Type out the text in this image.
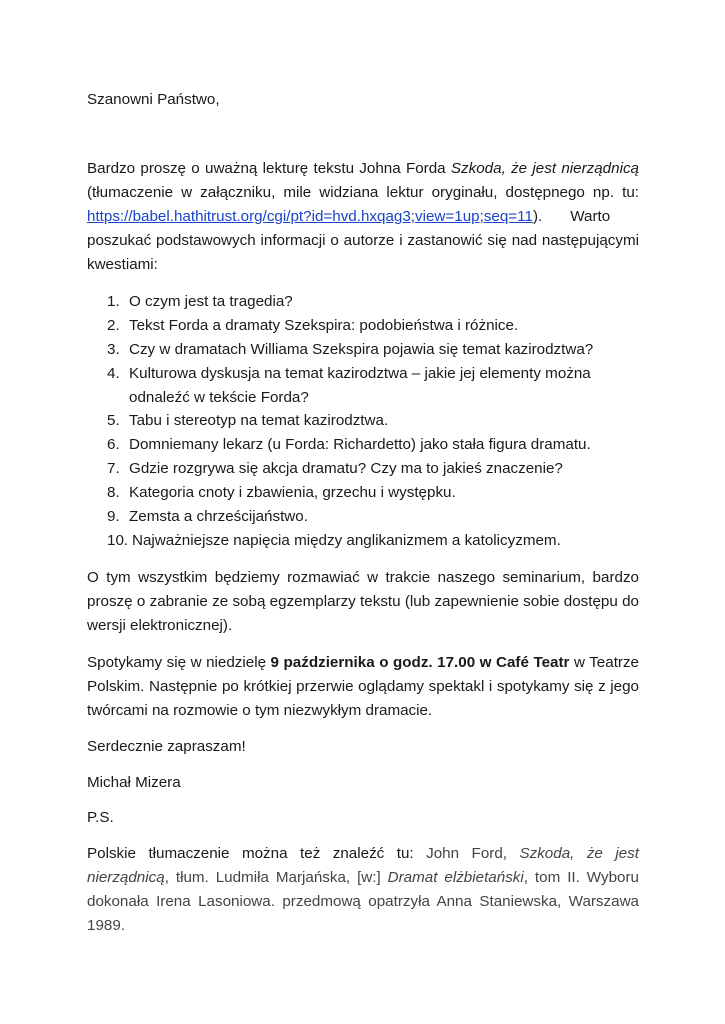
Szanowni Państwo,

Bardzo proszę o uważną lekturę tekstu Johna Forda Szkoda, że jest nierządnicą (tłumaczenie w załączniku, mile widziana lektur oryginału, dostępnego np. tu: https://babel.hathitrust.org/cgi/pt?id=hvd.hxqag3;view=1up;seq=11). Warto poszukać podstawowych informacji o autorze i zastanowić się nad następującymi kwestiami:

1. O czym jest ta tragedia?
2. Tekst Forda a dramaty Szekspira: podobieństwa i różnice.
3. Czy w dramatach Williama Szekspira pojawia się temat kazirodztwa?
4. Kulturowa dyskusja na temat kazirodztwa – jakie jej elementy można odnaleźć w tekście Forda?
5. Tabu i stereotyp na temat kazirodztwa.
6. Domniemany lekarz (u Forda: Richardetto) jako stała figura dramatu.
7. Gdzie rozgrywa się akcja dramatu? Czy ma to jakieś znaczenie?
8. Kategoria cnoty i zbawienia, grzechu i występku.
9. Zemsta a chrześcijaństwo.
10. Najważniejsze napięcia między anglikanizmem a katolicyzmem.

O tym wszystkim będziemy rozmawiać w trakcie naszego seminarium, bardzo proszę o zabranie ze sobą egzemplarzy tekstu (lub zapewnienie sobie dostępu do wersji elektronicznej).

Spotykamy się w niedzielę 9 października o godz. 17.00 w Café Teatr w Teatrze Polskim. Następnie po krótkiej przerwie oglądamy spektakl i spotykamy się z jego twórcami na rozmowie o tym niezwykłym dramacie.

Serdecznie zapraszam!

Michał Mizera

P.S.

Polskie tłumaczenie można też znaleźć tu: John Ford, Szkoda, że jest nierządnicą, tłum. Ludmiła Marjańska, [w:] Dramat elżbietański, tom II. Wyboru dokonała Irena Lasoniowa. przedmową opatrzyła Anna Staniewska, Warszawa 1989.
